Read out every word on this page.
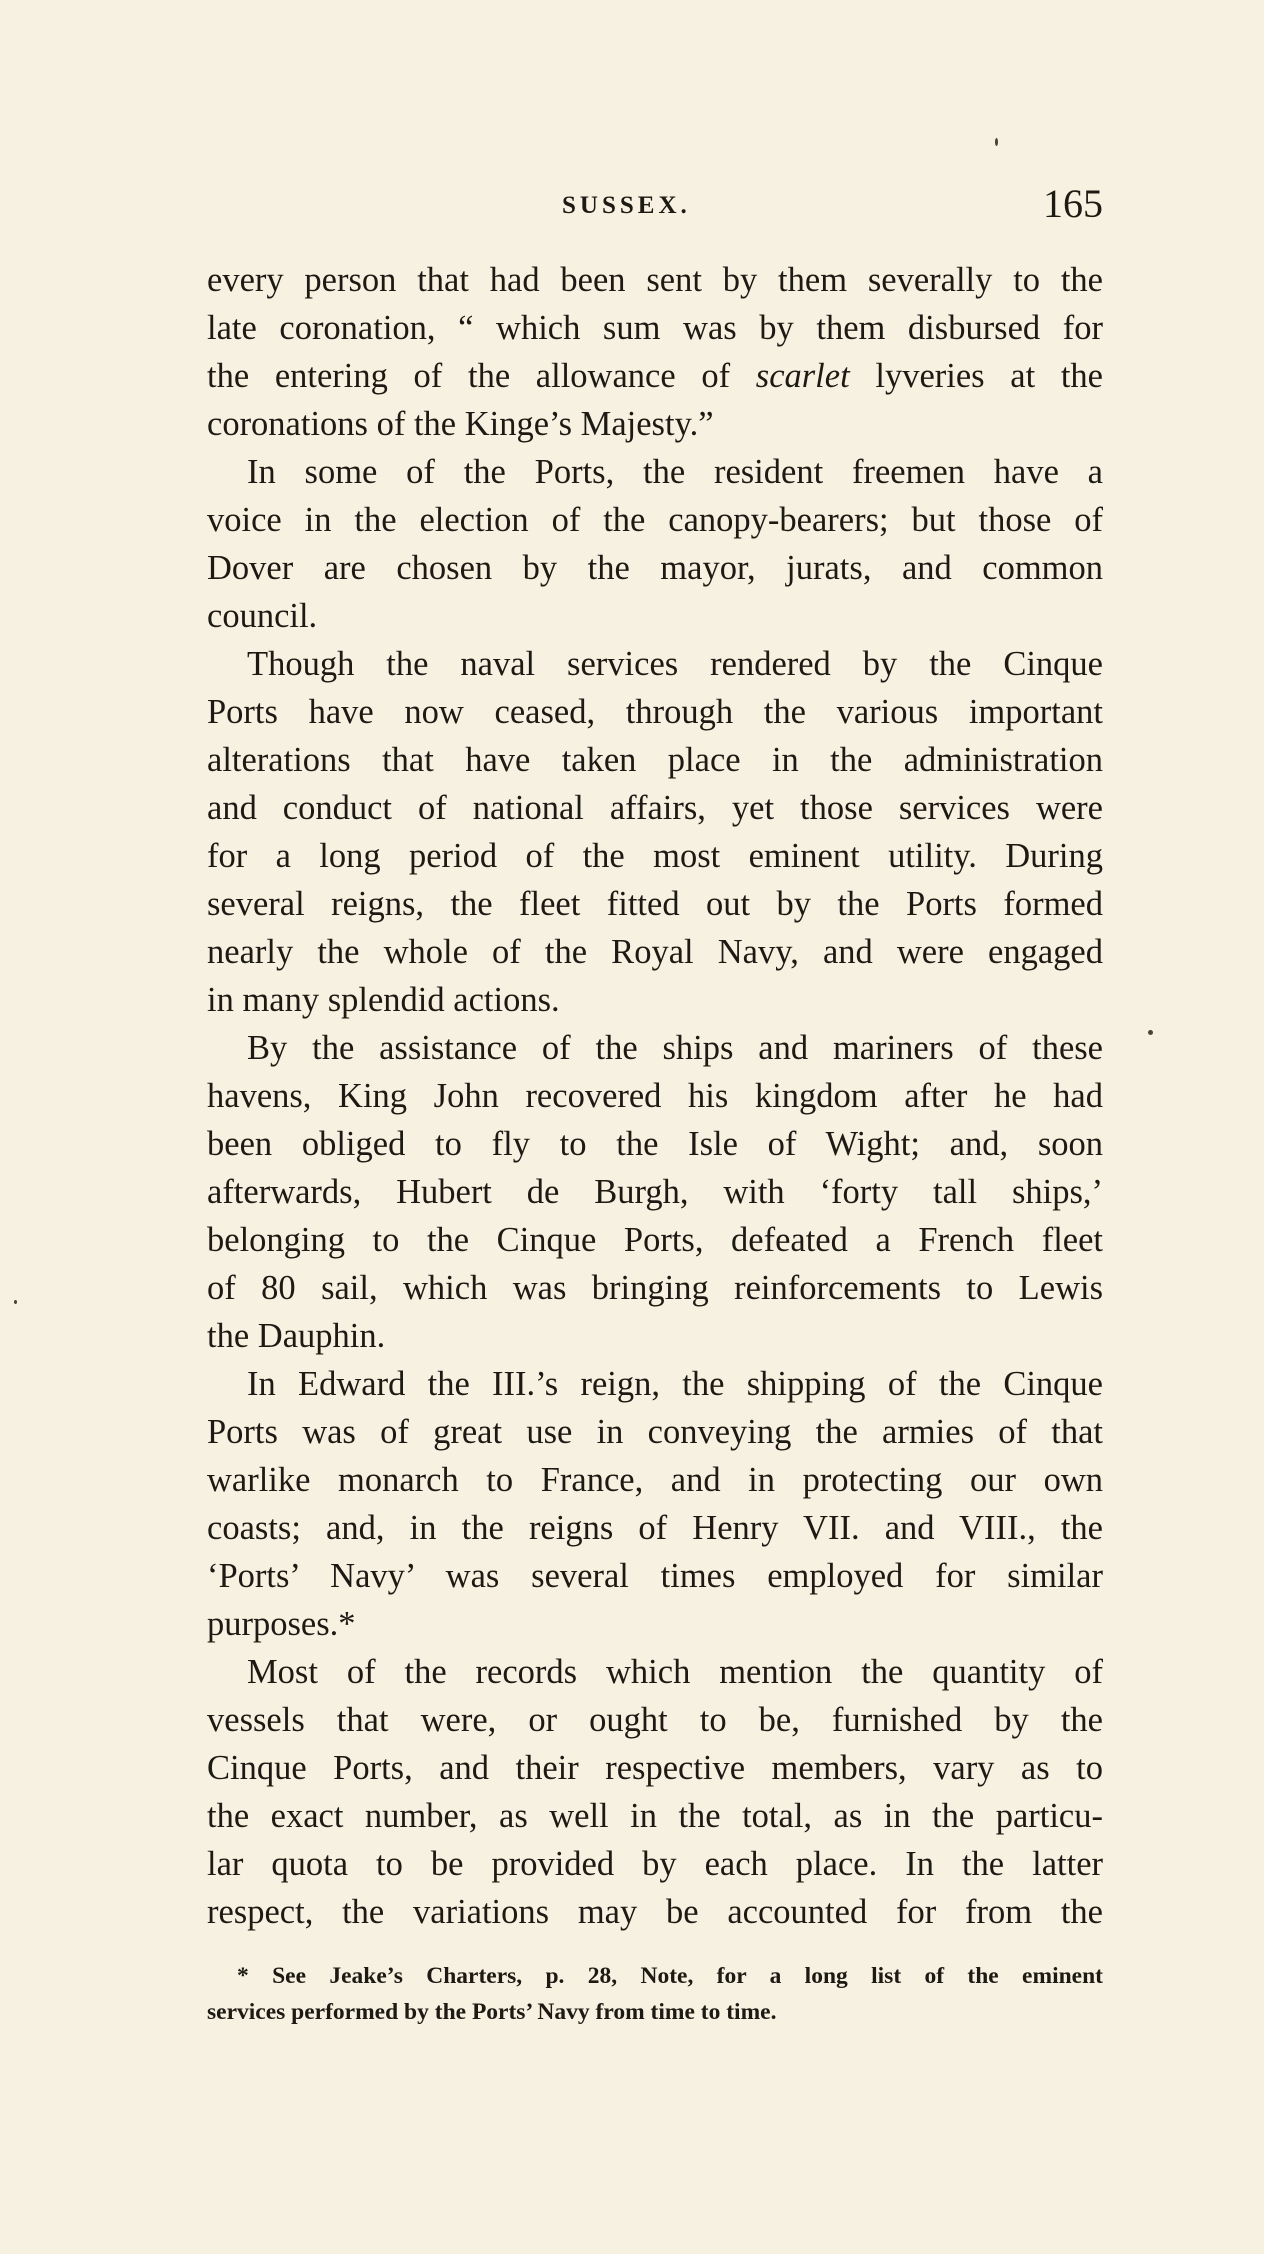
SUSSEX.	165
every person that had been sent by them severally to the
late coronation, “ which sum was by them disbursed for
the entering of the allowance of scarlet lyveries at the
coronations of the Kinge’s Majesty.”
In some of the Ports, the resident freemen have a
voice in the election of the canopy-bearers; but those of
Dover are chosen by the mayor, jurats, and common
council.
Though the naval services rendered by the Cinque
Ports have now ceased, through the various important
alterations that have taken place in the administration
and conduct of national affairs, yet those services were
for a long period of the most eminent utility. During
several reigns, the fleet fitted out by the Ports formed
nearly the whole of the Royal Navy, and were engaged
in many splendid actions.
By the assistance of the ships and mariners of these
havens, King John recovered his kingdom after he had
been obliged to fly to the Isle of Wight; and, soon
afterwards, Hubert de Burgh, with ‘forty tall ships,’
belonging to the Cinque Ports, defeated a French fleet
of 80 sail, which was bringing reinforcements to Lewis
the Dauphin.
In Edward the III.’s reign, the shipping of the Cinque
Ports was of great use in conveying the armies of that
warlike monarch to France, and in protecting our own
coasts; and, in the reigns of Henry VII. and VIII., the
‘Ports’ Navy’ was several times employed for similar
purposes.*
Most of the records which mention the quantity of
vessels that were, or ought to be, furnished by the
Cinque Ports, and their respective members, vary as to
the exact number, as well in the total, as in the particu-
lar quota to be provided by each place. In the latter
respect, the variations may be accounted for from the
* See Jeake’s Charters, p. 28, Note, for a long list of the eminent
services performed by the Ports’ Navy from time to time.
